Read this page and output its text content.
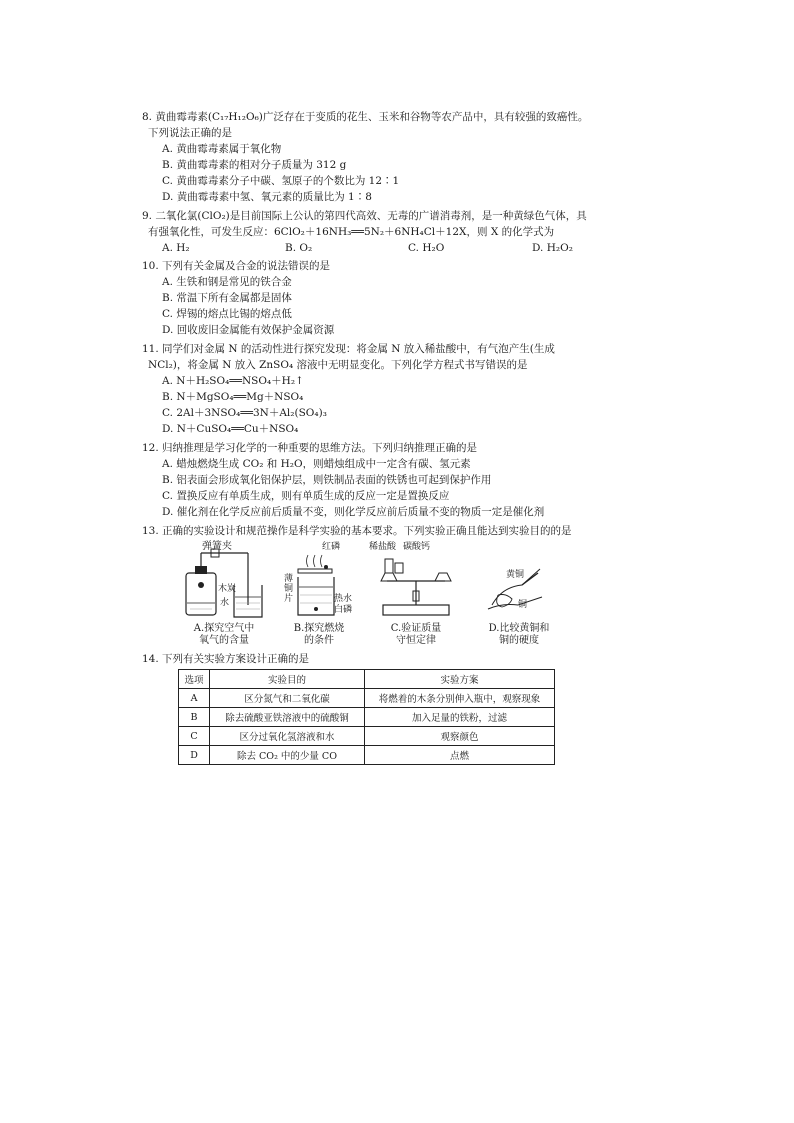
8. 黄曲霉毒素(C₁₇H₁₂O₆)广泛存在于变质的花生、玉米和谷物等农产品中，具有较强的致癌性。
下列说法正确的是
A. 黄曲霉毒素属于氧化物
B. 黄曲霉毒素的相对分子质量为 312 g
C. 黄曲霉毒素分子中碳、氢原子的个数比为 12∶1
D. 黄曲霉毒素中氢、氧元素的质量比为 1∶8
9. 二氧化氯(ClO₂)是目前国际上公认的第四代高效、无毒的广谱消毒剂，是一种黄绿色气体，具
有强氧化性，可发生反应：6ClO₂＋16NH₃══5N₂＋6NH₄Cl＋12X，则 X 的化学式为
A. H₂	B. O₂	C. H₂O	D. H₂O₂
10. 下列有关金属及合金的说法错误的是
A. 生铁和钢是常见的铁合金
B. 常温下所有金属都是固体
C. 焊锡的熔点比锡的熔点低
D. 回收废旧金属能有效保护金属资源
11. 同学们对金属 N 的活动性进行探究发现：将金属 N 放入稀盐酸中，有气泡产生(生成
NCl₂)，将金属 N 放入 ZnSO₄ 溶液中无明显变化。下列化学方程式书写错误的是
A. N＋H₂SO₄══NSO₄＋H₂↑
B. N＋MgSO₄══Mg＋NSO₄
C. 2Al＋3NSO₄══3N＋Al₂(SO₄)₃
D. N＋CuSO₄══Cu＋NSO₄
12. 归纳推理是学习化学的一种重要的思维方法。下列归纳推理正确的是
A. 蜡烛燃烧生成 CO₂ 和 H₂O，则蜡烛组成中一定含有碳、氢元素
B. 铝表面会形成氧化铝保护层，则铁制品表面的铁锈也可起到保护作用
C. 置换反应有单质生成，则有单质生成的反应一定是置换反应
D. 催化剂在化学反应前后质量不变，则化学反应前后质量不变的物质一定是催化剂
13. 正确的实验设计和规范操作是科学实验的基本要求。下列实验正确且能达到实验目的的是
弹簧夹
木炭
水
A.探究空气中
氧气的含量
红磷
薄
铜
片	热水
白磷
B.探究燃烧
的条件
稀盐酸 碳酸钙
C.验证质量
守恒定律
黄铜
铜
D.比较黄铜和
铜的硬度
14. 下列有关实验方案设计正确的是
选项	实验目的	实验方案
A	区分氮气和二氧化碳	将燃着的木条分别伸入瓶中，观察现象
B	除去硫酸亚铁溶液中的硫酸铜	加入足量的铁粉，过滤
C	区分过氧化氢溶液和水	观察颜色
D	除去 CO₂ 中的少量 CO	点燃
